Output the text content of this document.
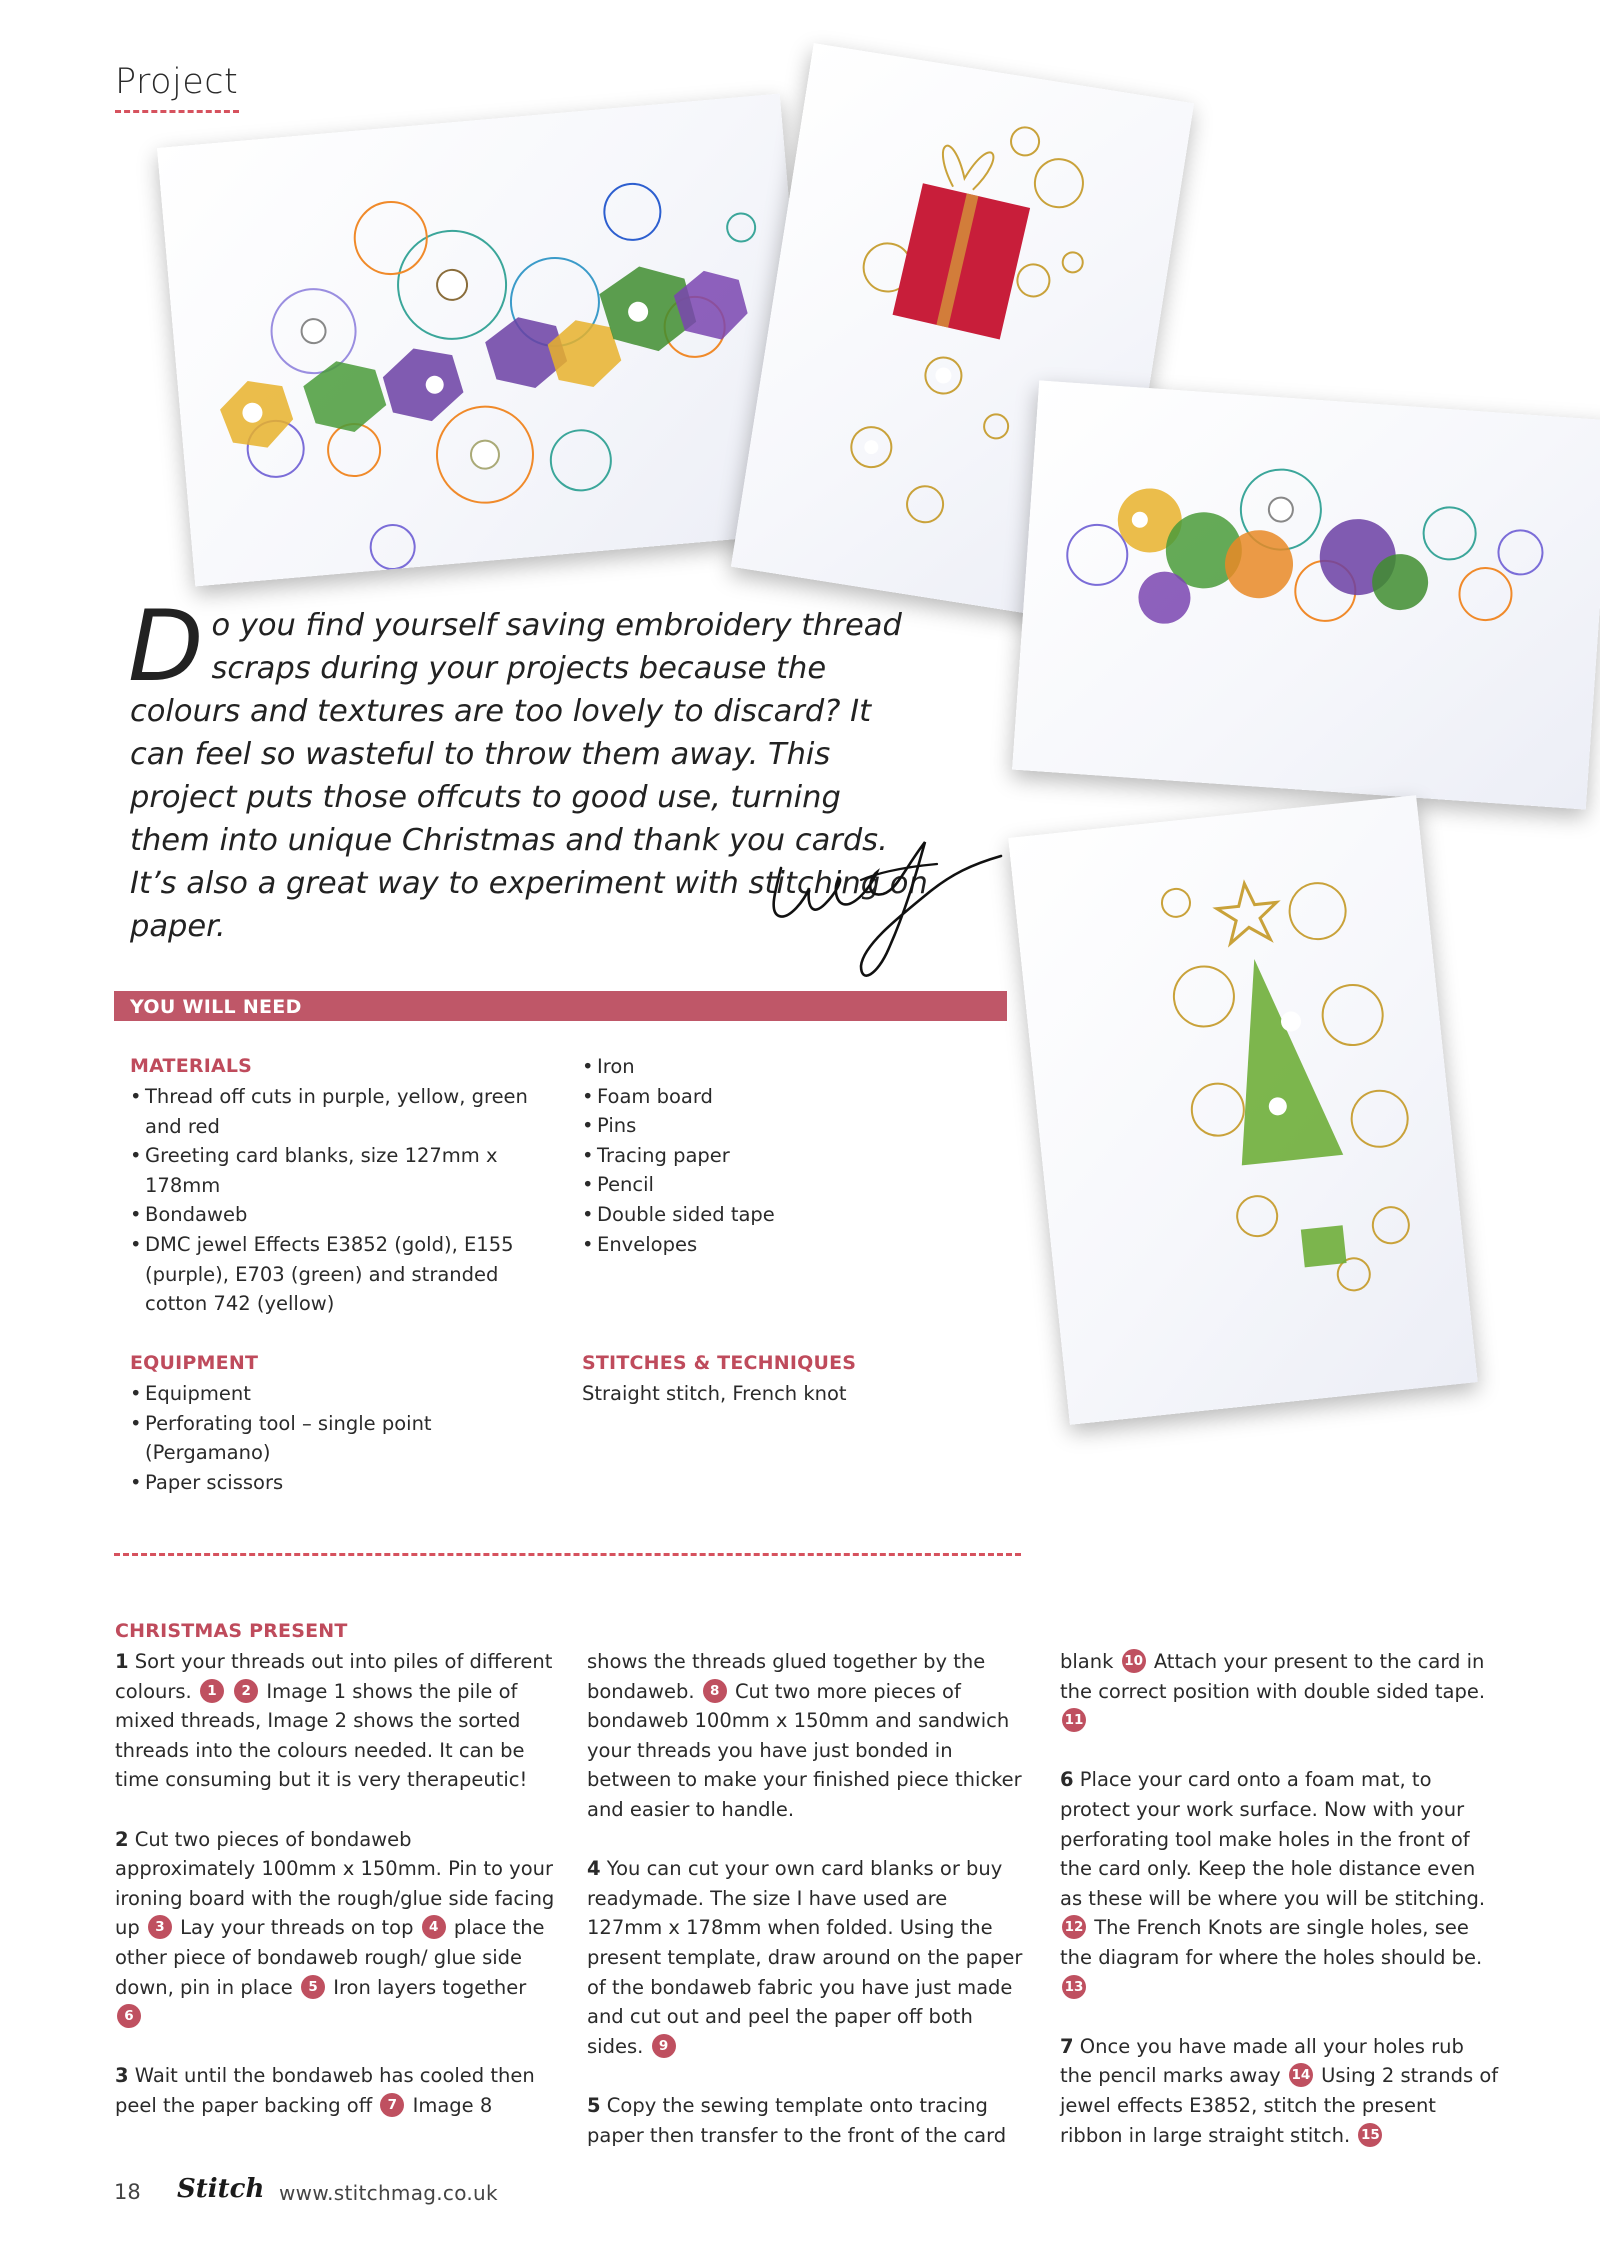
Project
D o you find yourself saving embroidery thread scraps during your projects because the colours and textures are too lovely to discard? It can feel so wasteful to throw them away. This project puts those offcuts to good use, turning them into unique Christmas and thank you cards. It’s also a great way to experiment with stitching on paper.
YOU WILL NEED
MATERIALS
• Thread off cuts in purple, yellow, green and red
• Greeting card blanks, size 127mm x 178mm
• Bondaweb
• DMC jewel Effects E3852 (gold), E155 (purple), E703 (green) and stranded cotton 742 (yellow)
• Iron
• Foam board
• Pins
• Tracing paper
• Pencil
• Double sided tape
• Envelopes
EQUIPMENT
• Equipment
• Perforating tool – single point (Pergamano)
• Paper scissors
STITCHES & TECHNIQUES
Straight stitch, French knot
CHRISTMAS PRESENT

1 Sort your threads out into piles of different colours. 1 2 Image 1 shows the pile of mixed threads, Image 2 shows the sorted threads into the colours needed. It can be time consuming but it is very therapeutic!

2 Cut two pieces of bondaweb approximately 100mm x 150mm. Pin to your ironing board with the rough/glue side facing up 3 Lay your threads on top 4 place the other piece of bondaweb rough/ glue side down, pin in place 5 Iron layers together 6

3 Wait until the bondaweb has cooled then peel the paper backing off 7 Image 8

shows the threads glued together by the bondaweb. 8 Cut two more pieces of bondaweb 100mm x 150mm and sandwich your threads you have just bonded in between to make your finished piece thicker and easier to handle.

4 You can cut your own card blanks or buy readymade. The size I have used are 127mm x 178mm when folded. Using the present template, draw around on the paper of the bondaweb fabric you have just made and cut out and peel the paper off both sides. 9

5 Copy the sewing template onto tracing paper then transfer to the front of the card

blank 10 Attach your present to the card in the correct position with double sided tape. 11

6 Place your card onto a foam mat, to protect your work surface. Now with your perforating tool make holes in the front of the card only. Keep the hole distance even as these will be where you will be stitching. 12 The French Knots are single holes, see the diagram for where the holes should be. 13

7 Once you have made all your holes rub the pencil marks away 14 Using 2 strands of jewel effects E3852, stitch the present ribbon in large straight stitch. 15

18 Stitch www.stitchmag.co.uk
